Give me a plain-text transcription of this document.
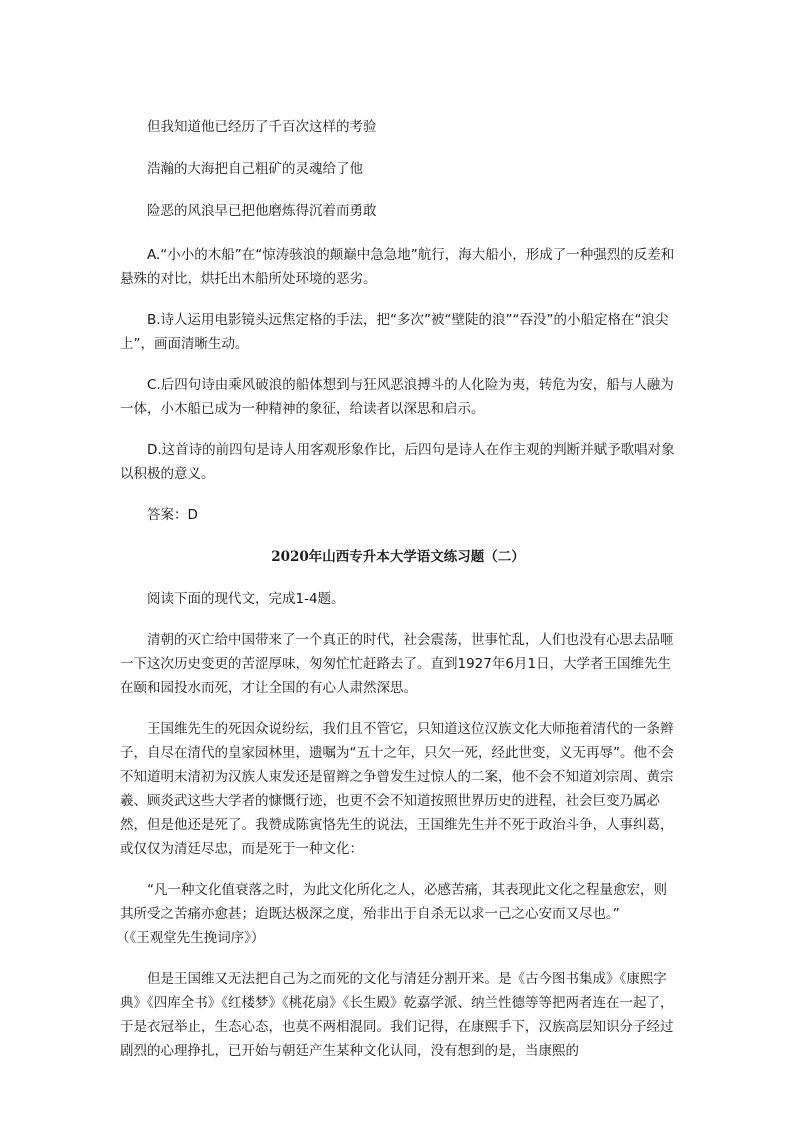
但我知道他已经历了千百次这样的考验

浩瀚的大海把自己粗矿的灵魂给了他

险恶的风浪早已把他磨炼得沉着而勇敢

A.“小小的木船”在“惊涛骇浪的颠巅中急急地”航行，海大船小，形成了一种强烈的反差和悬殊的对比，烘托出木船所处环境的恶劣。

B.诗人运用电影镜头远焦定格的手法，把“多次”被“壁陡的浪”“吞没”的小船定格在“浪尖上”，画面清晰生动。

C.后四句诗由乘风破浪的船体想到与狂风恶浪搏斗的人化险为夷，转危为安，船与人融为一体，小木船已成为一种精神的象征，给读者以深思和启示。

D.这首诗的前四句是诗人用客观形象作比，后四句是诗人在作主观的判断并赋予歌唱对象以积极的意义。

答案：D

2020年山西专升本大学语文练习题（二）

阅读下面的现代文，完成1-4题。

清朝的灭亡给中国带来了一个真正的时代，社会震荡，世事忙乱，人们也没有心思去品咂一下这次历史变更的苦涩厚味，匆匆忙忙赶路去了。直到1927年6月1日，大学者王国维先生在颐和园投水而死，才让全国的有心人肃然深思。

王国维先生的死因众说纷纭，我们且不管它，只知道这位汉族文化大师拖着清代的一条辫子，自尽在清代的皇家园林里，遗嘱为“五十之年，只欠一死，经此世变，义无再辱”。他不会不知道明末清初为汉族人束发还是留辫之争曾发生过惊人的二案，他不会不知道刘宗周、黄宗羲、顾炎武这些大学者的慷慨行迹，也更不会不知道按照世界历史的进程，社会巨变乃属必然，但是他还是死了。我赞成陈寅恪先生的说法，王国维先生并不死于政治斗争，人事纠葛，或仅仅为清廷尽忠，而是死于一种文化：

“凡一种文化值衰落之时，为此文化所化之人，必感苦痛，其表现此文化之程量愈宏，则其所受之苦痛亦愈甚；迨既达极深之度，殆非出于自杀无以求一己之心安而又尽也。”

（《王观堂先生挽词序》）

但是王国维又无法把自己为之而死的文化与清廷分割开来。是《古今图书集成》《康熙字典》《四库全书》《红楼梦》《桃花扇》《长生殿》乾嘉学派、纳兰性德等等把两者连在一起了，于是衣冠举止，生态心态，也莫不两相混同。我们记得，在康熙手下，汉族高层知识分子经过剧烈的心理挣扎，已开始与朝廷产生某种文化认同，没有想到的是，当康熙的
